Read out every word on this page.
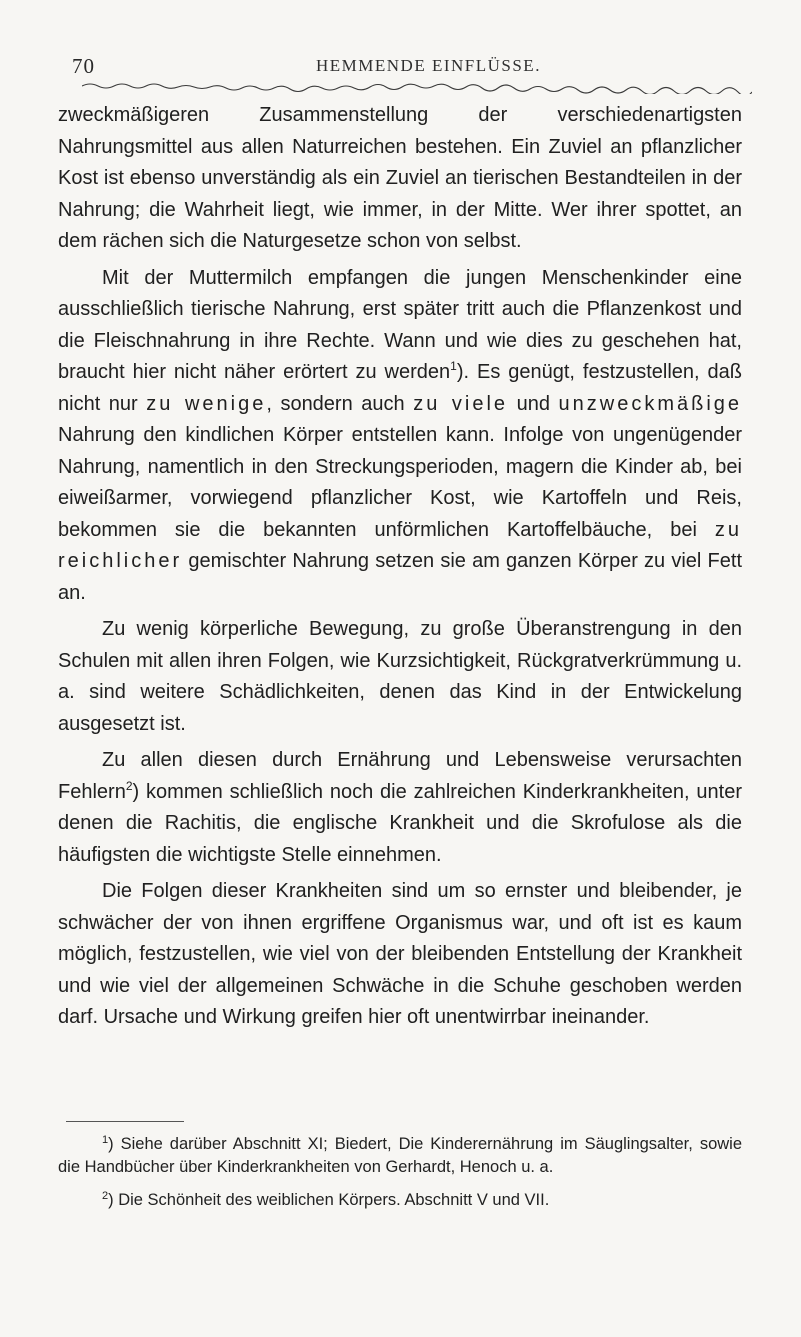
70	HEMMENDE EINFLÜSSE.

zweckmäßigeren Zusammenstellung der verschiedenartigsten Nahrungsmittel aus allen Naturreichen bestehen. Ein Zuviel an pflanzlicher Kost ist ebenso unverständig als ein Zuviel an tierischen Bestandteilen in der Nahrung; die Wahrheit liegt, wie immer, in der Mitte. Wer ihrer spottet, an dem rächen sich die Naturgesetze schon von selbst.

Mit der Muttermilch empfangen die jungen Menschenkinder eine ausschließlich tierische Nahrung, erst später tritt auch die Pflanzenkost und die Fleischnahrung in ihre Rechte. Wann und wie dies zu geschehen hat, braucht hier nicht näher erörtert zu werden$^1$). Es genügt, festzustellen, daß nicht nur zu wenige, sondern auch zu viele und unzweckmäßige Nahrung den kindlichen Körper entstellen kann. Infolge von ungenügender Nahrung, namentlich in den Streckungsperioden, magern die Kinder ab, bei eiweißarmer, vorwiegend pflanzlicher Kost, wie Kartoffeln und Reis, bekommen sie die bekannten unförmlichen Kartoffelbäuche, bei zu reichlicher gemischter Nahrung setzen sie am ganzen Körper zu viel Fett an.

Zu wenig körperliche Bewegung, zu große Überanstrengung in den Schulen mit allen ihren Folgen, wie Kurzsichtigkeit, Rückgratverkrümmung u. a. sind weitere Schädlichkeiten, denen das Kind in der Entwickelung ausgesetzt ist.

Zu allen diesen durch Ernährung und Lebensweise verursachten Fehlern$^2$) kommen schließlich noch die zahlreichen Kinderkrankheiten, unter denen die Rachitis, die englische Krankheit und die Skrofulose als die häufigsten die wichtigste Stelle einnehmen.

Die Folgen dieser Krankheiten sind um so ernster und bleibender, je schwächer der von ihnen ergriffene Organismus war, und oft ist es kaum möglich, festzustellen, wie viel von der bleibenden Entstellung der Krankheit und wie viel der allgemeinen Schwäche in die Schuhe geschoben werden darf. Ursache und Wirkung greifen hier oft unentwirrbar ineinander.

$^1$) Siehe darüber Abschnitt XI; Biedert, Die Kinderernährung im Säuglingsalter, sowie die Handbücher über Kinderkrankheiten von Gerhardt, Henoch u. a.

$^2$) Die Schönheit des weiblichen Körpers. Abschnitt V und VII.
